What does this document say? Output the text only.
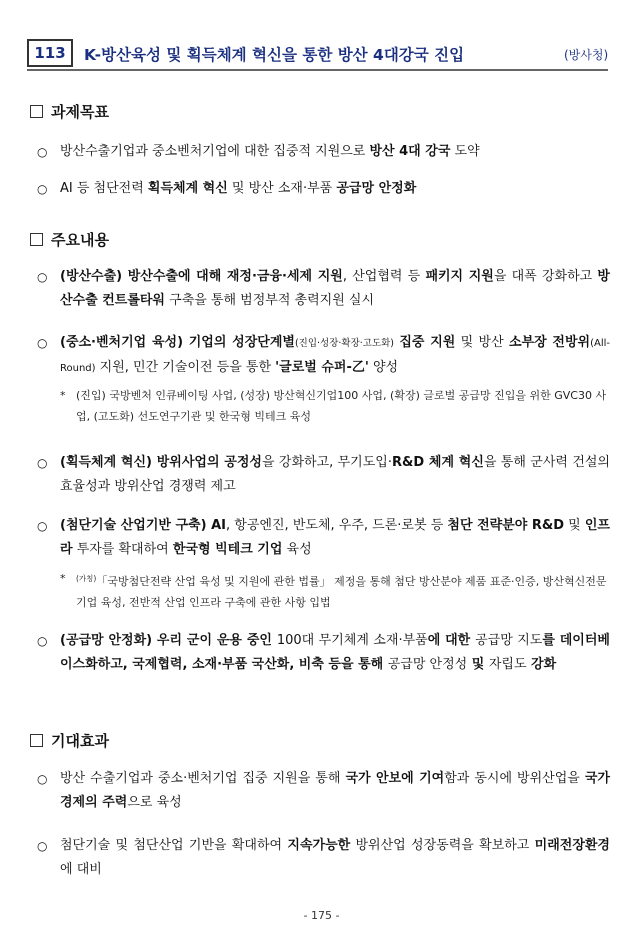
113	K-방산육성 및 획득체계 혁신을 통한 방산 4대강국 진입	(방사청)
과제목표
○ 방산수출기업과 중소벤처기업에 대한 집중적 지원으로 방산 4대 강국 도약
○ AI 등 첨단전력 획득체계 혁신 및 방산 소재·부품 공급망 안정화
주요내용
○ (방산수출) 방산수출에 대해 재정·금융·세제 지원, 산업협력 등 패키지 지원을 대폭 강화하고 방산수출 컨트롤타워 구축을 통해 범정부적 총력지원 실시
○ (중소·벤처기업 육성) 기업의 성장단계별(진입·성장·확장·고도화) 집중 지원 및 방산 소부장 전방위(All-Round) 지원, 민간 기술이전 등을 통한 '글로벌 슈퍼-乙' 양성
* (진입) 국방벤처 인큐베이팅 사업, (성장) 방산혁신기업100 사업, (확장) 글로벌 공급망 진입을 위한 GVC30 사업, (고도화) 선도연구기관 및 한국형 빅테크 육성
○ (획득체계 혁신) 방위사업의 공정성을 강화하고, 무기도입·R&D 체계 혁신을 통해 군사력 건설의 효율성과 방위산업 경쟁력 제고
○ (첨단기술 산업기반 구축) AI, 항공엔진, 반도체, 우주, 드론·로봇 등 첨단 전략분야 R&D 및 인프라 투자를 확대하여 한국형 빅테크 기업 육성
* $^{(가칭)}$「국방첨단전략 산업 육성 및 지원에 관한 법률」 제정을 통해 첨단 방산분야 제품 표준·인증, 방산혁신전문기업 육성, 전반적 산업 인프라 구축에 관한 사항 입법
○ (공급망 안정화) 우리 군이 운용 중인 100대 무기체계 소재·부품에 대한 공급망 지도를 데이터베이스화하고, 국제협력, 소재·부품 국산화, 비축 등을 통해 공급망 안정성 및 자립도 강화
기대효과
○ 방산 수출기업과 중소·벤처기업 집중 지원을 통해 국가 안보에 기여함과 동시에 방위산업을 국가경제의 주력으로 육성
○ 첨단기술 및 첨단산업 기반을 확대하여 지속가능한 방위산업 성장동력을 확보하고 미래전장환경에 대비
- 175 -
